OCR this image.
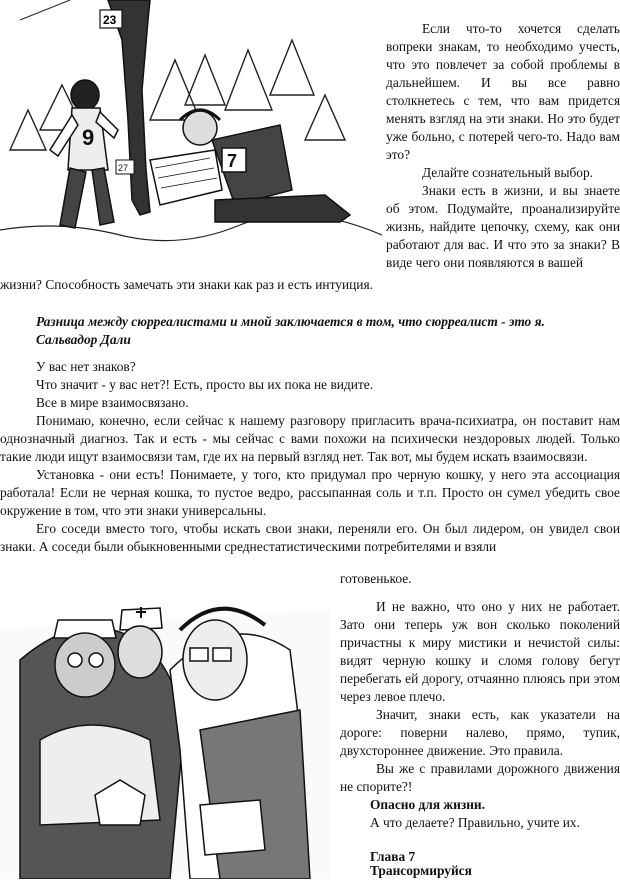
23
9
7
27
Если что-то хочется сделать вопреки знакам, то необходимо учесть, что это повлечет за собой проблемы в дальнейшем. И вы все равно столкнетесь с тем, что вам придется менять взгляд на эти знаки. Но это будет уже больно, с потерей чего-то. Надо вам это?
Делайте сознательный выбор.
Знаки есть в жизни, и вы знаете об этом. Подумайте, проанализируйте жизнь, найдите цепочку, схему, как они работают для вас. И что это за знаки? В виде чего они появляются в вашей
жизни? Способность замечать эти знаки как раз и есть интуиция.
Разница между сюрреалистами и мной заключается в том, что сюрреалист - это я.
Сальвадор Дали
У вас нет знаков?
Что значит - у вас нет?! Есть, просто вы их пока не видите.
Все в мире взаимосвязано.
Понимаю, конечно, если сейчас к нашему разговору пригласить врача-психиатра, он поставит нам однозначный диагноз. Так и есть - мы сейчас с вами похожи на психически нездоровых людей. Только такие люди ищут взаимосвязи там, где их на первый взгляд нет. Так вот, мы будем искать взаимосвязи.
Установка - они есть! Понимаете, у того, кто придумал про черную кошку, у него эта ассоциация работала! Если не черная кошка, то пустое ведро, рассыпанная соль и т.п. Просто он сумел убедить свое окружение в том, что эти знаки универсальны.
Его соседи вместо того, чтобы искать свои знаки, переняли его. Он был лидером, он увидел свои знаки. А соседи были обыкновенными среднестатистическими потребителями и взяли
готовенькое.
И не важно, что оно у них не работает. Зато они теперь уж вон сколько поколений причастны к миру мистики и нечистой силы: видят черную кошку и сломя голову бегут перебегать ей дорогу, отчаянно плюясь при этом через левое плечо.
Значит, знаки есть, как указатели на дороге: поверни налево, прямо, тупик, двухстороннее движение. Это правила.
Вы же с правилами дорожного движения не спорите?!
Опасно для жизни.
А что делаете? Правильно, учите их.
Глава 7
Трансормируйся
